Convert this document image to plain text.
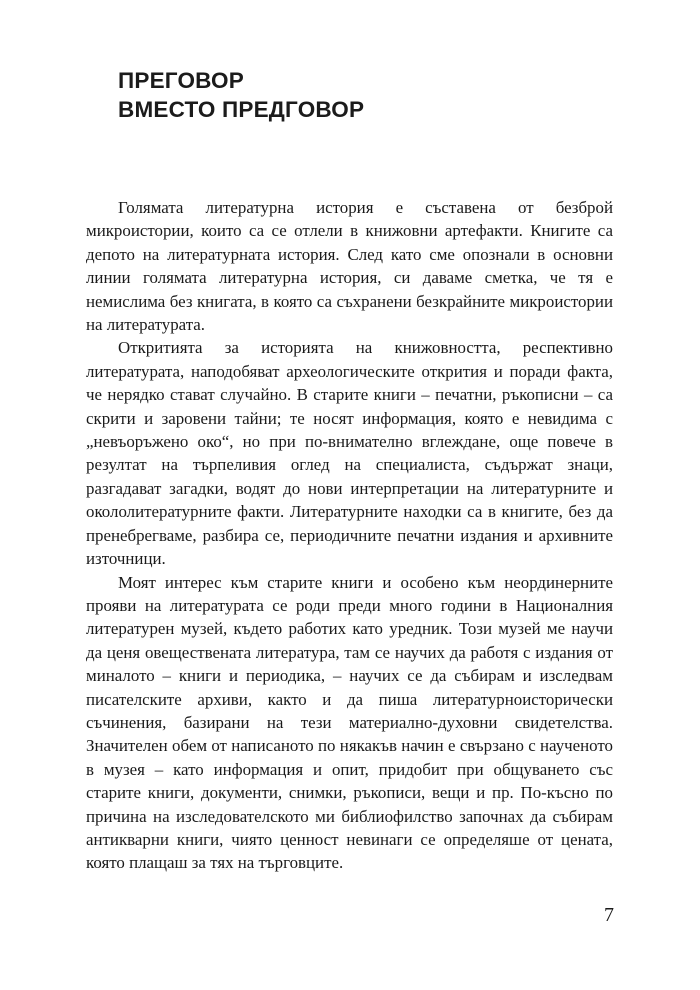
ПРЕГОВОР
ВМЕСТО ПРЕДГОВОР

Голямата литературна история е съставена от безброй микроистории, които са се отлели в книжовни артефакти. Книгите са депото на литературната история. След като сме опознали в основни линии голямата литературна история, си даваме сметка, че тя е немислима без книгата, в която са съхранени безкрайните микроистории на литературата.

Откритията за историята на книжовността, респективно литературата, наподобяват археологическите открития и поради факта, че нерядко стават случайно. В старите книги – печатни, ръкописни – са скрити и заровени тайни; те носят информация, която е невидима с „невъоръжено око“, но при по-внимателно вглеждане, още повече в резултат на търпеливия оглед на специалиста, съдържат знаци, разгадават загадки, водят до нови интерпретации на литературните и окололитературните факти. Литературните находки са в книгите, без да пренебрегваме, разбира се, периодичните печатни издания и архивните източници.

Моят интерес към старите книги и особено към неординерните прояви на литературата се роди преди много години в Националния литературен музей, където работих като уредник. Този музей ме научи да ценя овеществената литература, там се научих да работя с издания от миналото – книги и периодика, – научих се да събирам и изследвам писателските архиви, както и да пиша литературноисторически съчинения, базирани на тези материално-духовни свидетелства. Значителен обем от написаното по някакъв начин е свързано с наученото в музея – като информация и опит, придобит при общуването със старите книги, документи, снимки, ръкописи, вещи и пр. По-късно по причина на изследователското ми библиофилство започнах да събирам антикварни книги, чиято ценност невинаги се определяше от цената, която плащаш за тях на търговците.

7
